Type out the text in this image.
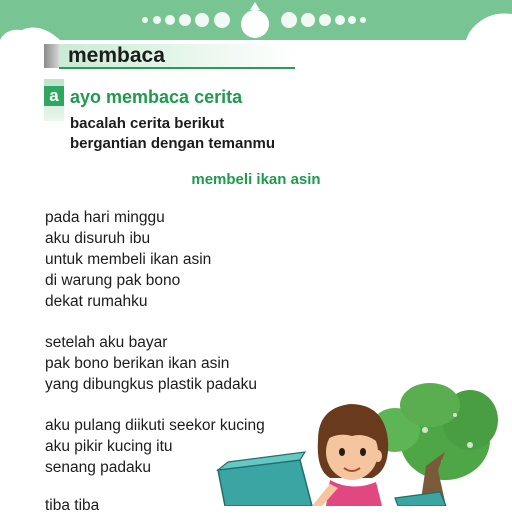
membaca
a ayo membaca cerita
bacalah cerita berikut
bergantian dengan temanmu
membeli ikan asin
pada hari minggu
aku disuruh ibu
untuk membeli ikan asin
di warung pak bono
dekat rumahku
setelah aku bayar
pak bono berikan ikan asin
yang dibungkus plastik padaku
aku pulang diikuti seekor kucing
aku pikir kucing itu
senang padaku
tiba tiba
